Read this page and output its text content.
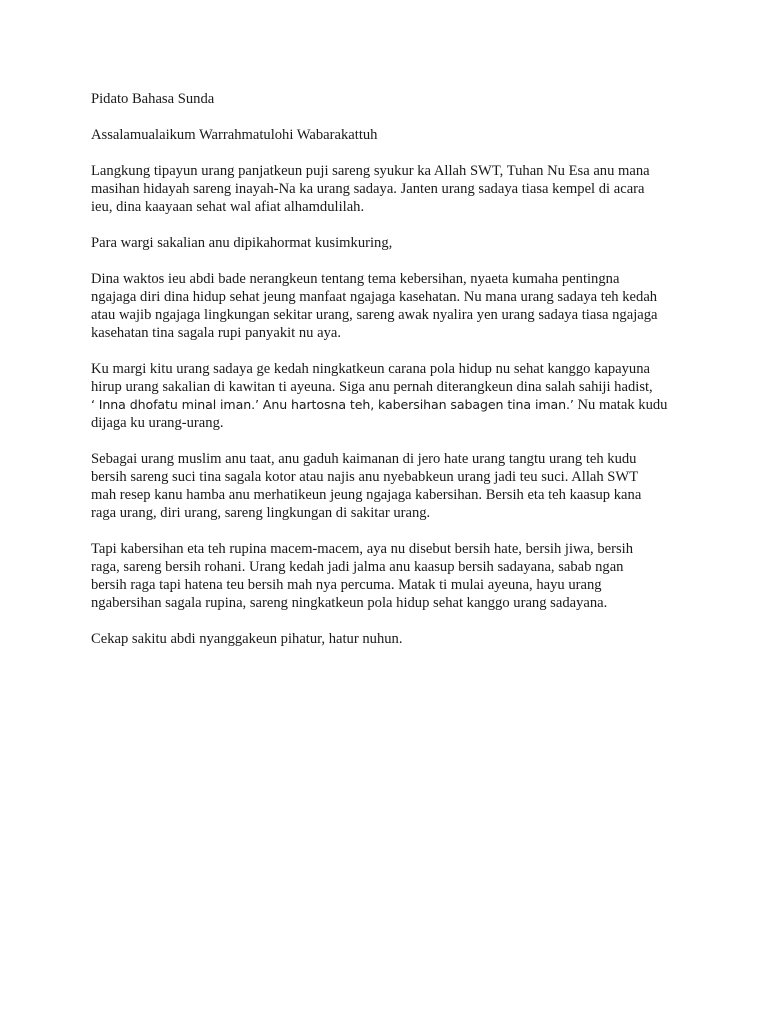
Pidato Bahasa Sunda

Assalamualaikum Warrahmatulohi Wabarakattuh

Langkung tipayun urang panjatkeun puji sareng syukur ka Allah SWT, Tuhan Nu Esa anu mana
masihan hidayah sareng inayah-Na ka urang sadaya. Janten urang sadaya tiasa kempel di acara
ieu, dina kaayaan sehat wal afiat alhamdulilah.

Para wargi sakalian anu dipikahormat kusimkuring,

Dina waktos ieu abdi bade nerangkeun tentang tema kebersihan, nyaeta kumaha pentingna
ngajaga diri dina hidup sehat jeung manfaat ngajaga kasehatan. Nu mana urang sadaya teh kedah
atau wajib ngajaga lingkungan sekitar urang, sareng awak nyalira yen urang sadaya tiasa ngajaga
kasehatan tina sagala rupi panyakit nu aya.

Ku margi kitu urang sadaya ge kedah ningkatkeun carana pola hidup nu sehat kanggo kapayuna
hirup urang sakalian di kawitan ti ayeuna. Siga anu pernah diterangkeun dina salah sahiji hadist,
‘ Inna dhofatu minal iman.’ Anu hartosna teh, kabersihan sabagen tina iman.’ Nu matak kudu
dijaga ku urang-urang.

Sebagai urang muslim anu taat, anu gaduh kaimanan di jero hate urang tangtu urang teh kudu
bersih sareng suci tina sagala kotor atau najis anu nyebabkeun urang jadi teu suci. Allah SWT
mah resep kanu hamba anu merhatikeun jeung ngajaga kabersihan. Bersih eta teh kaasup kana
raga urang, diri urang, sareng lingkungan di sakitar urang.

Tapi kabersihan eta teh rupina macem-macem, aya nu disebut bersih hate, bersih jiwa, bersih
raga, sareng bersih rohani. Urang kedah jadi jalma anu kaasup bersih sadayana, sabab ngan
bersih raga tapi hatena teu bersih mah nya percuma. Matak ti mulai ayeuna, hayu urang
ngabersihan sagala rupina, sareng ningkatkeun pola hidup sehat kanggo urang sadayana.

Cekap sakitu abdi nyanggakeun pihatur, hatur nuhun.
